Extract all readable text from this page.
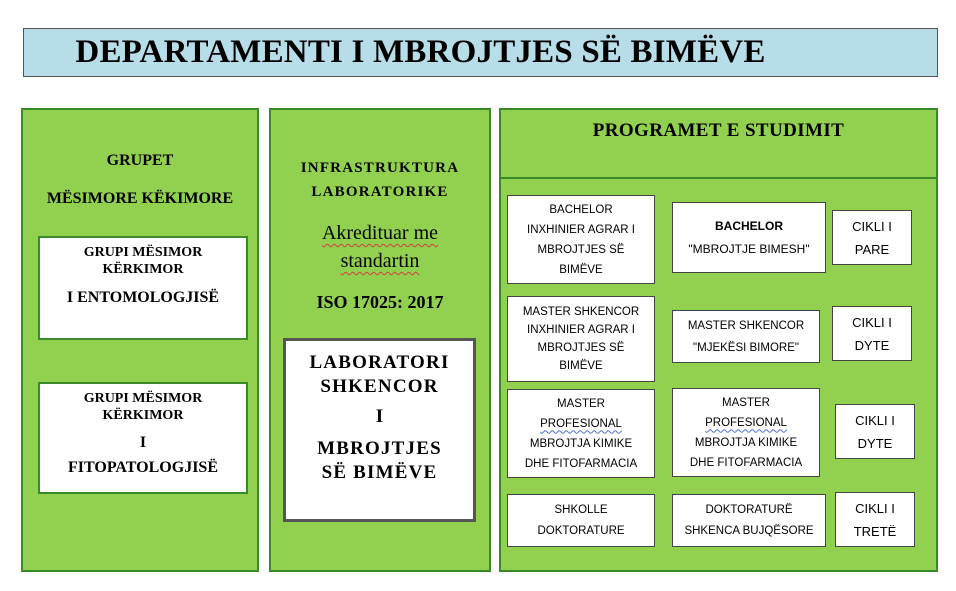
DEPARTAMENTI I MBROJTJES SË BIMËVE
GRUPET
MËSIMORE KËKIMORE
GRUPI MËSIMOR
KËRKIMOR
I ENTOMOLOGJISË
GRUPI MËSIMOR
KËRKIMOR
I
FITOPATOLOGJISË
INFRASTRUKTURA
LABORATORIKE
Akredituar me
standartin
ISO 17025: 2017
LABORATORI
SHKENCOR
I
MBROJTJES
SË BIMËVE
PROGRAMET E STUDIMIT
BACHELOR
INXHINIER AGRAR I
MBROJTJES SË
BIMËVE
MASTER SHKENCOR
INXHINIER AGRAR I
MBROJTJES SË
BIMËVE
MASTER
PROFESIONAL
MBROJTJA KIMIKE
DHE FITOFARMACIA
SHKOLLE
DOKTORATURE
BACHELOR
"MBROJTJE BIMESH"
MASTER SHKENCOR
"MJEKËSI BIMORE"
MASTER
PROFESIONAL
MBROJTJA KIMIKE
DHE FITOFARMACIA
DOKTORATURË
SHKENCA BUJQËSORE
CIKLI I
PARE
CIKLI I
DYTE
CIKLI I
DYTE
CIKLI I
TRETË
